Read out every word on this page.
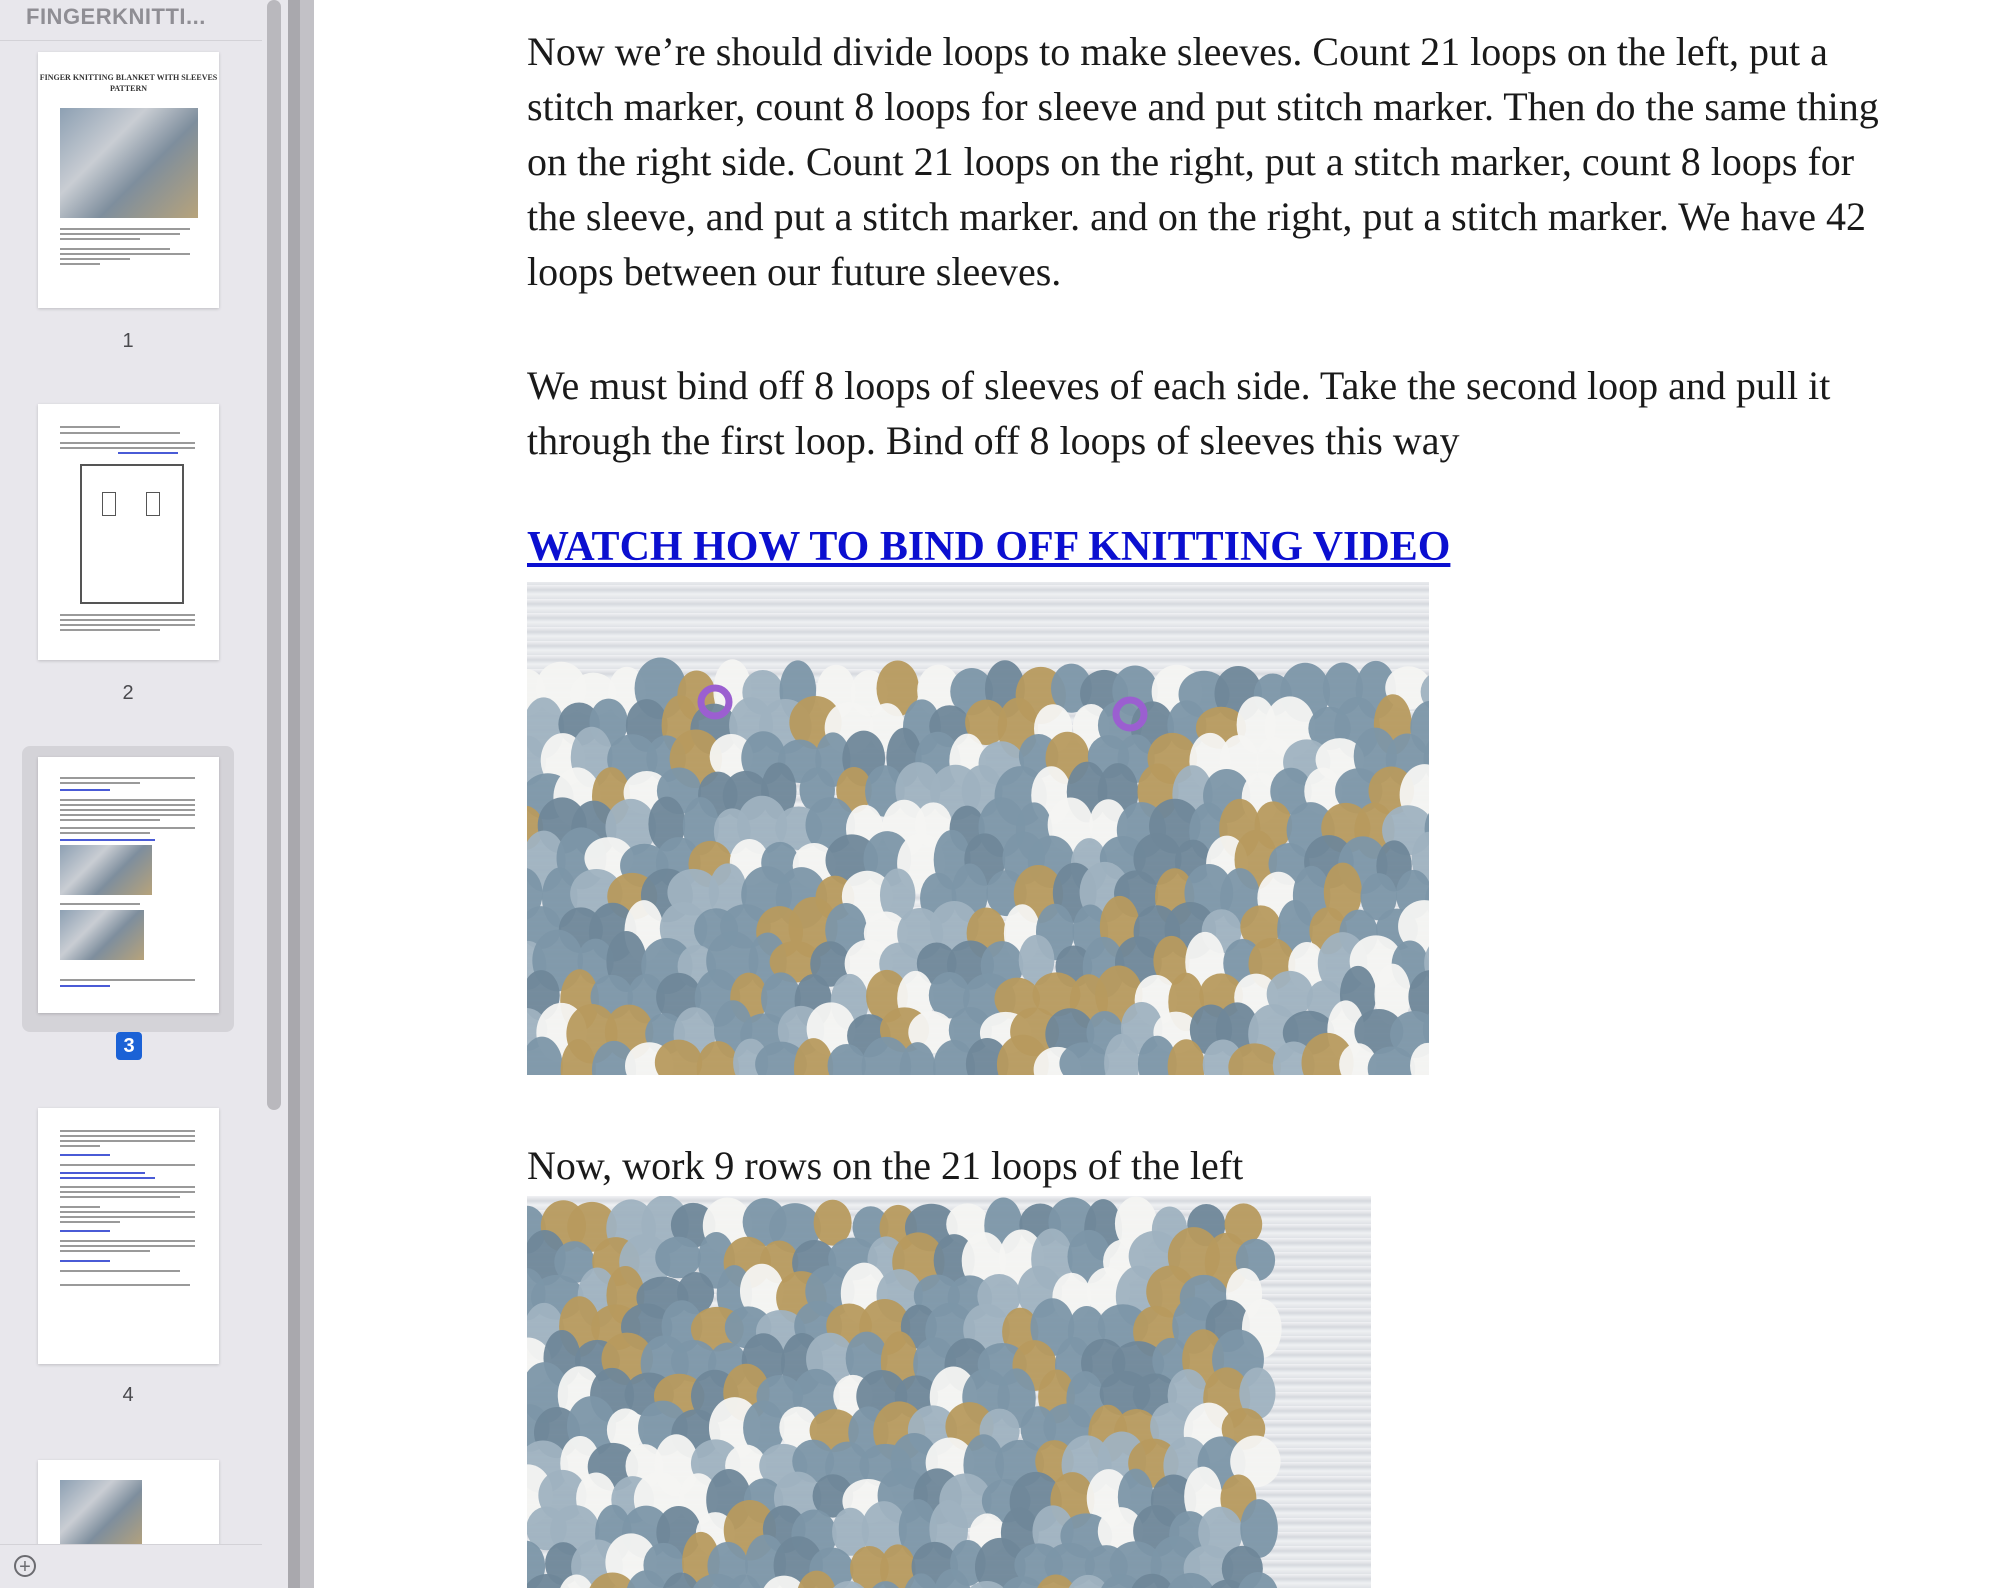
FINGERKNITTI...
FINGER KNITTING BLANKET WITH SLEEVES PATTERN
1
2
3
4
+
Now we’re should divide loops to make sleeves. Count 21 loops on the left, put a stitch marker, count 8 loops for sleeve and put stitch marker. Then do the same thing on the right side. Count 21 loops on the right, put a stitch marker, count 8 loops for the sleeve, and put a stitch marker. and on the right, put a stitch marker. We have 42 loops between our future sleeves.
We must bind off 8 loops of sleeves of each side. Take the second loop and pull it through the first loop. Bind off 8 loops of sleeves this way
WATCH HOW TO BIND OFF KNITTING VIDEO
Now, work 9 rows on the 21 loops of the left
